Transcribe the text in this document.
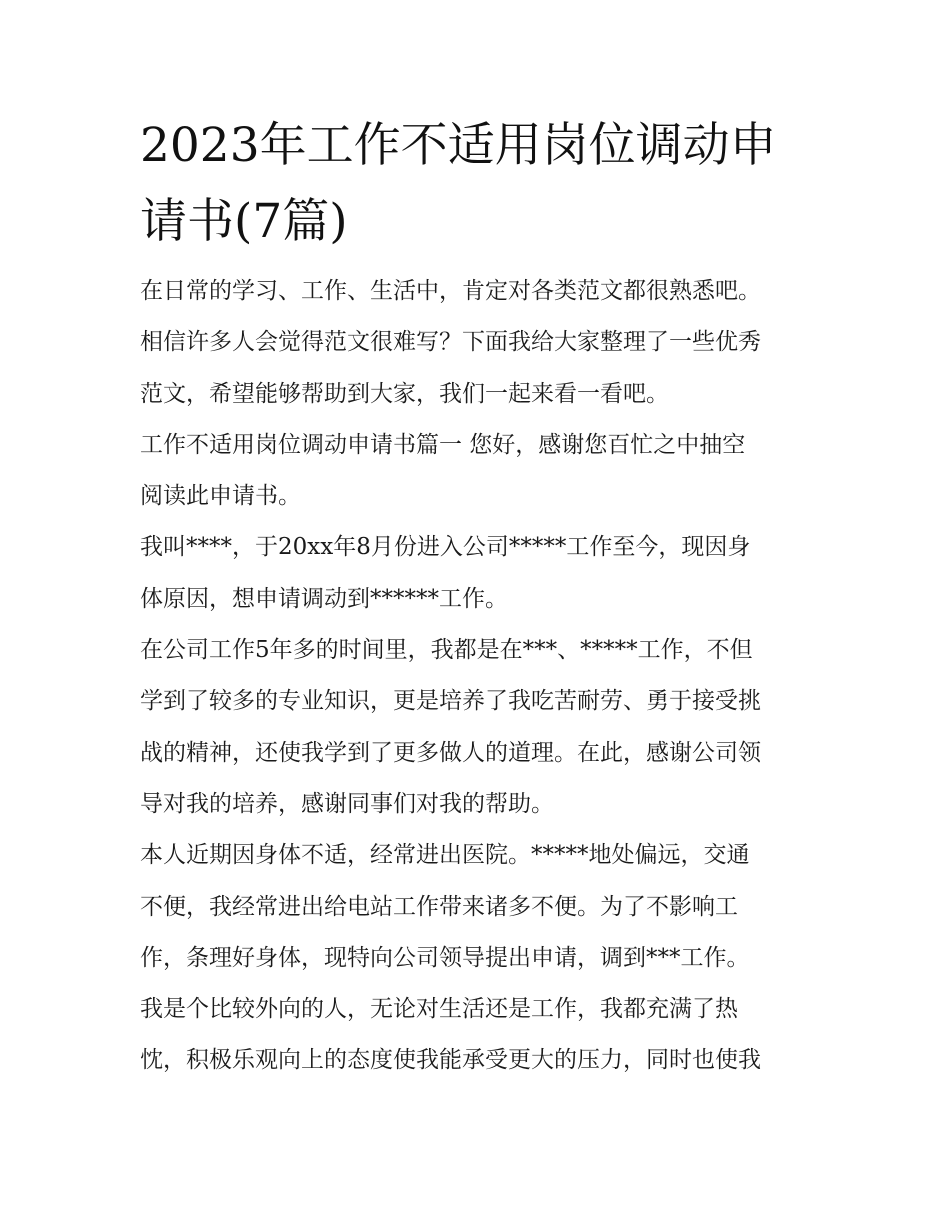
2023年工作不适用岗位调动申
请书(7篇)
在日常的学习、工作、生活中，肯定对各类范文都很熟悉吧。
相信许多人会觉得范文很难写？下面我给大家整理了一些优秀
范文，希望能够帮助到大家，我们一起来看一看吧。
工作不适用岗位调动申请书篇一 您好，感谢您百忙之中抽空
阅读此申请书。
我叫****，于20xx年8月份进入公司*****工作至今，现因身
体原因，想申请调动到******工作。
在公司工作5年多的时间里，我都是在***、*****工作，不但
学到了较多的专业知识，更是培养了我吃苦耐劳、勇于接受挑
战的精神，还使我学到了更多做人的道理。在此，感谢公司领
导对我的培养，感谢同事们对我的帮助。
本人近期因身体不适，经常进出医院。*****地处偏远，交通
不便，我经常进出给电站工作带来诸多不便。为了不影响工
作，条理好身体，现特向公司领导提出申请，调到***工作。
我是个比较外向的人，无论对生活还是工作，我都充满了热
忱，积极乐观向上的态度使我能承受更大的压力，同时也使我
